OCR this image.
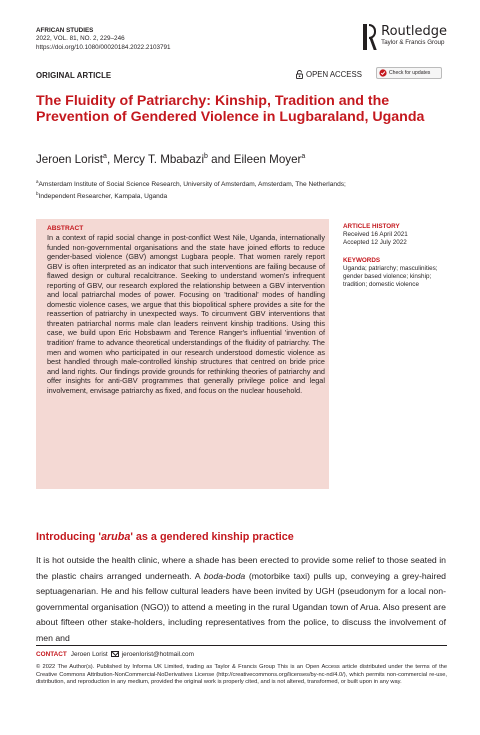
AFRICAN STUDIES
2022, VOL. 81, NO. 2, 229–246
https://doi.org/10.1080/00020184.2022.2103791
Routledge
Taylor & Francis Group
ORIGINAL ARTICLE	OPEN ACCESS	Check for updates
The Fluidity of Patriarchy: Kinship, Tradition and the Prevention of Gendered Violence in Lugbaraland, Uganda
Jeroen Lorist$^a$, Mercy T. Mbabazi$^b$ and Eileen Moyer$^a$
$^a$Amsterdam Institute of Social Science Research, University of Amsterdam, Amsterdam, The Netherlands;
$^b$Independent Researcher, Kampala, Uganda
ABSTRACT
In a context of rapid social change in post-conflict West Nile, Uganda, internationally funded non-governmental organisations and the state have joined efforts to reduce gender-based violence (GBV) amongst Lugbara people. That women rarely report GBV is often interpreted as an indicator that such interventions are failing because of flawed design or cultural recalcitrance. Seeking to understand women's infrequent reporting of GBV, our research explored the relationship between a GBV intervention and local patriarchal modes of power. Focusing on 'traditional' modes of handling domestic violence cases, we argue that this biopolitical sphere provides a site for the reassertion of patriarchy in unexpected ways. To circumvent GBV interventions that threaten patriarchal norms male clan leaders reinvent kinship traditions. Using this case, we build upon Eric Hobsbawm and Terence Ranger's influential 'invention of tradition' frame to advance theoretical understandings of the fluidity of patriarchy. The men and women who participated in our research understood domestic violence as best handled through male-controlled kinship structures that centred on bride price and land rights. Our findings provide grounds for rethinking theories of patriarchy and offer insights for anti-GBV programmes that generally privilege police and legal involvement, envisage patriarchy as fixed, and focus on the nuclear household.
ARTICLE HISTORY
Received 16 April 2021
Accepted 12 July 2022
KEYWORDS
Uganda; patriarchy; masculinities; gender based violence; kinship; tradition; domestic violence
Introducing 'aruba' as a gendered kinship practice
It is hot outside the health clinic, where a shade has been erected to provide some relief to those seated in the plastic chairs arranged underneath. A boda-boda (motorbike taxi) pulls up, conveying a grey-haired septuagenarian. He and his fellow cultural leaders have been invited by UGH (pseudonym for a local non-governmental organisation (NGO)) to attend a meeting in the rural Ugandan town of Arua. Also present are about fifteen other stake-holders, including representatives from the police, to discuss the involvement of men and
CONTACT Jeroen Lorist jeroenlorist@hotmail.com
© 2022 The Author(s). Published by Informa UK Limited, trading as Taylor & Francis Group This is an Open Access article distributed under the terms of the Creative Commons Attribution-NonCommercial-NoDerivatives License (http://creativecommons.org/licenses/by-nc-nd/4.0/), which permits non-commercial re-use, distribution, and reproduction in any medium, provided the original work is properly cited, and is not altered, transformed, or built upon in any way.
